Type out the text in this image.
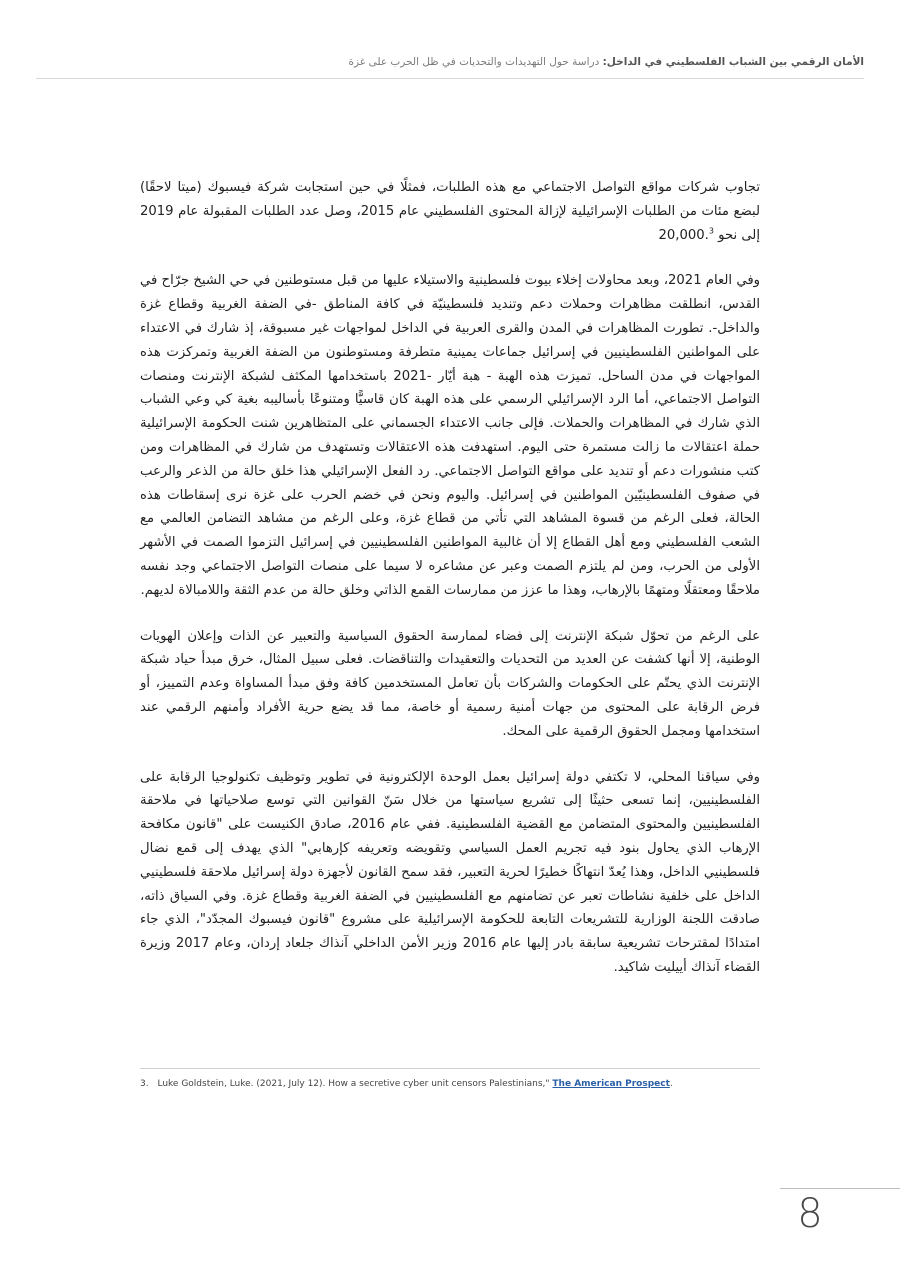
الأمان الرقمي بين الشباب الفلسطيني في الداخل: دراسة حول التهديدات والتحديات في ظل الحرب على غزة

تجاوب شركات مواقع التواصل الاجتماعي مع هذه الطلبات، فمثلًا في حين استجابت شركة فيسبوك (ميتا لاحقًا) لبضع مئات من الطلبات الإسرائيلية لإزالة المحتوى الفلسطيني عام 2015، وصل عدد الطلبات المقبولة عام 2019 إلى نحو 20,000.$^3$

وفي العام 2021، وبعد محاولات إخلاء بيوت فلسطينية والاستيلاء عليها من قبل مستوطنين في حي الشيخ جرّاح في القدس، انطلقت مظاهرات وحملات دعم وتنديد فلسطينيّة في كافة المناطق -في الضفة الغربية وقطاع غزة والداخل-. تطورت المظاهرات في المدن والقرى العربية في الداخل لمواجهات غير مسبوقة، إذ شارك في الاعتداء على المواطنين الفلسطينيين في إسرائيل جماعات يمينية متطرفة ومستوطنون من الضفة الغربية وتمركزت هذه المواجهات في مدن الساحل. تميزت هذه الهبة - هبة أيّار -2021 باستخدامها المكثف لشبكة الإنترنت ومنصات التواصل الاجتماعي، أما الرد الإسرائيلي الرسمي على هذه الهبة كان قاسيًّا ومتنوعًا بأساليبه بغية كي وعي الشباب الذي شارك في المظاهرات والحملات. فإلى جانب الاعتداء الجسماني على المتظاهرين شنت الحكومة الإسرائيلية حملة اعتقالات ما زالت مستمرة حتى اليوم. استهدفت هذه الاعتقالات وتستهدف من شارك في المظاهرات ومن كتب منشورات دعم أو تنديد على مواقع التواصل الاجتماعي. رد الفعل الإسرائيلي هذا خلق حالة من الذعر والرعب في صفوف الفلسطينيّين المواطنين في إسرائيل. واليوم ونحن في خضم الحرب على غزة نرى إسقاطات هذه الحالة، فعلى الرغم من قسوة المشاهد التي تأتي من قطاع غزة، وعلى الرغم من مشاهد التضامن العالمي مع الشعب الفلسطيني ومع أهل القطاع إلا أن غالبية المواطنين الفلسطينيين في إسرائيل التزموا الصمت في الأشهر الأولى من الحرب، ومن لم يلتزم الصمت وعبر عن مشاعره لا سيما على منصات التواصل الاجتماعي وجد نفسه ملاحقًا ومعتقلًا ومتهمًا بالإرهاب، وهذا ما عزز من ممارسات القمع الذاتي وخلق حالة من عدم الثقة واللامبالاة لديهم.

على الرغم من تحوّل شبكة الإنترنت إلى فضاء لممارسة الحقوق السياسية والتعبير عن الذات وإعلان الهويات الوطنية، إلا أنها كشفت عن العديد من التحديات والتعقيدات والتناقضات. فعلى سبيل المثال، خرق مبدأ حياد شبكة الإنترنت الذي يحتّم على الحكومات والشركات بأن تعامل المستخدمين كافة وفق مبدأ المساواة وعدم التمييز، أو فرض الرقابة على المحتوى من جهات أمنية رسمية أو خاصة، مما قد يضع حرية الأفراد وأمنهم الرقمي عند استخدامها ومجمل الحقوق الرقمية على المحك.

وفي سياقنا المحلي، لا تكتفي دولة إسرائيل بعمل الوحدة الإلكترونية في تطوير وتوظيف تكنولوجيا الرقابة على الفلسطينيين، إنما تسعى حثيثًا إلى تشريع سياستها من خلال سَنّ القوانين التي توسع صلاحياتها في ملاحقة الفلسطينيين والمحتوى المتضامن مع القضية الفلسطينية. ففي عام 2016، صادق الكنيست على "قانون مكافحة الإرهاب الذي يحاول بنود فيه تجريم العمل السياسي وتقويضه وتعريفه كإرهابي" الذي يهدف إلى قمع نضال فلسطينيي الداخل، وهذا يُعدّ انتهاكًا خطيرًا لحرية التعبير، فقد سمح القانون لأجهزة دولة إسرائيل ملاحقة فلسطينيي الداخل على خلفية نشاطات تعبر عن تضامنهم مع الفلسطينيين في الضفة الغربية وقطاع غزة. وفي السياق ذاته، صادقت اللجنة الوزارية للتشريعات التابعة للحكومة الإسرائيلية على مشروع "قانون فيسبوك المجدّد"، الذي جاء امتدادًا لمقترحات تشريعية سابقة بادر إليها عام 2016 وزير الأمن الداخلي آنذاك جلعاد إردان، وعام 2017 وزيرة القضاء آنذاك أييليت شاكيد.

3. Luke Goldstein, Luke. (2021, July 12). How a secretive cyber unit censors Palestinians," The American Prospect.
8
